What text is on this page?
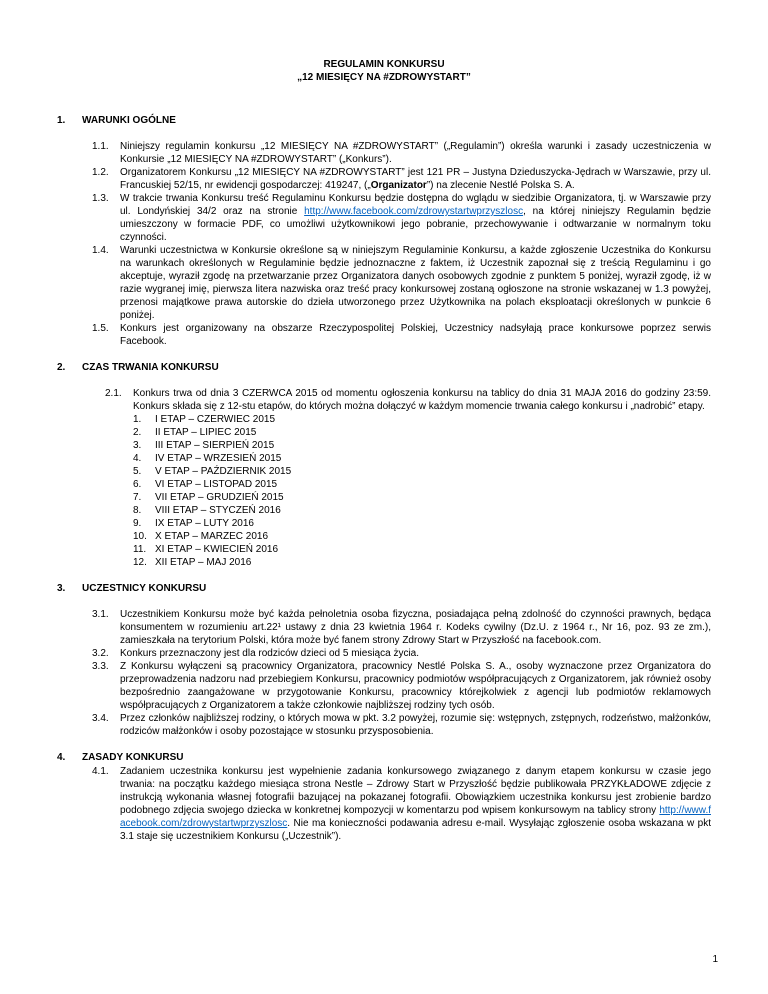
REGULAMIN KONKURSU
„12 MIESIĘCY NA #ZDROWYSTART”
1.	WARUNKI OGÓLNE
1.1.	Niniejszy regulamin konkursu „12 MIESIĘCY NA #ZDROWYSTART” („Regulamin”) określa warunki i zasady uczestniczenia w Konkursie „12 MIESIĘCY NA #ZDROWYSTART” („Konkurs”).
1.2.	Organizatorem Konkursu „12 MIESIĘCY NA #ZDROWYSTART” jest 121 PR – Justyna Dzieduszycka-Jędrach w Warszawie, przy ul. Francuskiej 52/15, nr ewidencji gospodarczej: 419247, („Organizator”) na zlecenie Nestlé Polska S. A.
1.3.	W trakcie trwania Konkursu treść Regulaminu Konkursu będzie dostępna do wglądu w siedzibie Organizatora, tj. w Warszawie przy ul. Londyńskiej 34/2 oraz na stronie http://www.facebook.com/zdrowystartwprzyszlosc, na której niniejszy Regulamin będzie umieszczony w formacie PDF, co umożliwi użytkownikowi jego pobranie, przechowywanie i odtwarzanie w normalnym toku czynności.
1.4.	Warunki uczestnictwa w Konkursie określone są w niniejszym Regulaminie Konkursu, a każde zgłoszenie Uczestnika do Konkursu na warunkach określonych w Regulaminie będzie jednoznaczne z faktem, iż Uczestnik zapoznał się z treścią Regulaminu i go akceptuje, wyraził zgodę na przetwarzanie przez Organizatora danych osobowych zgodnie z punktem 5 poniżej, wyraził zgodę, iż w razie wygranej imię, pierwsza litera nazwiska oraz treść pracy konkursowej zostaną ogłoszone na stronie wskazanej w 1.3 powyżej, przenosi majątkowe prawa autorskie do dzieła utworzonego przez Użytkownika na polach eksploatacji określonych w punkcie 6 poniżej.
1.5.	Konkurs jest organizowany na obszarze Rzeczypospolitej Polskiej, Uczestnicy nadsyłają prace konkursowe poprzez serwis Facebook.
2.	CZAS TRWANIA KONKURSU
2.1.	Konkurs trwa od dnia 3 CZERWCA 2015 od momentu ogłoszenia konkursu na tablicy do dnia 31 MAJA 2016 do godziny 23:59. Konkurs składa się z 12-stu etapów, do których można dołączyć w każdym momencie trwania całego konkursu i „nadrobić” etapy.
1.	I ETAP – CZERWIEC 2015
2.	II ETAP – LIPIEC 2015
3.	III ETAP – SIERPIEŃ 2015
4.	IV ETAP – WRZESIEŃ 2015
5.	V ETAP – PAŹDZIERNIK 2015
6.	VI ETAP – LISTOPAD 2015
7.	VII ETAP – GRUDZIEŃ 2015
8.	VIII ETAP – STYCZEŃ 2016
9.	IX ETAP – LUTY 2016
10. X ETAP – MARZEC 2016
11. XI ETAP – KWIECIEŃ 2016
12. XII ETAP – MAJ 2016
3.	UCZESTNICY KONKURSU
3.1.	Uczestnikiem Konkursu może być każda pełnoletnia osoba fizyczna, posiadająca pełną zdolność do czynności prawnych, będąca konsumentem w rozumieniu art.22¹ ustawy z dnia 23 kwietnia 1964 r. Kodeks cywilny (Dz.U. z 1964 r., Nr 16, poz. 93 ze zm.), zamieszkała na terytorium Polski, która może być fanem strony Zdrowy Start w Przyszłość na facebook.com.
3.2.	Konkurs przeznaczony jest dla rodziców dzieci od 5 miesiąca życia.
3.3.	Z Konkursu wyłączeni są pracownicy Organizatora, pracownicy Nestlé Polska S. A., osoby wyznaczone przez Organizatora do przeprowadzenia nadzoru nad przebiegiem Konkursu, pracownicy podmiotów współpracujących z Organizatorem, jak również osoby bezpośrednio zaangażowane w przygotowanie Konkursu, pracownicy którejkolwiek z agencji lub podmiotów reklamowych współpracujących z Organizatorem a także członkowie najbliższej rodziny tych osób.
3.4.	Przez członków najbliższej rodziny, o których mowa w pkt. 3.2 powyżej, rozumie się: wstępnych, zstępnych, rodzeństwo, małżonków, rodziców małżonków i osoby pozostające w stosunku przysposobienia.
4.	ZASADY KONKURSU
4.1.	Zadaniem uczestnika konkursu jest wypełnienie zadania konkursowego związanego z danym etapem konkursu w czasie jego trwania: na początku każdego miesiąca strona Nestle – Zdrowy Start w Przyszłość będzie publikowała PRZYKŁADOWE zdjęcie z instrukcją wykonania własnej fotografii bazującej na pokazanej fotografii. Obowiązkiem uczestnika konkursu jest zrobienie bardzo podobnego zdjęcia swojego dziecka w konkretnej kompozycji w komentarzu pod wpisem konkursowym na tablicy strony http://www.facebook.com/zdrowystartwprzyszlosc. Nie ma konieczności podawania adresu e-mail. Wysyłając zgłoszenie osoba wskazana w pkt 3.1 staje się uczestnikiem Konkursu („Uczestnik”).
1
